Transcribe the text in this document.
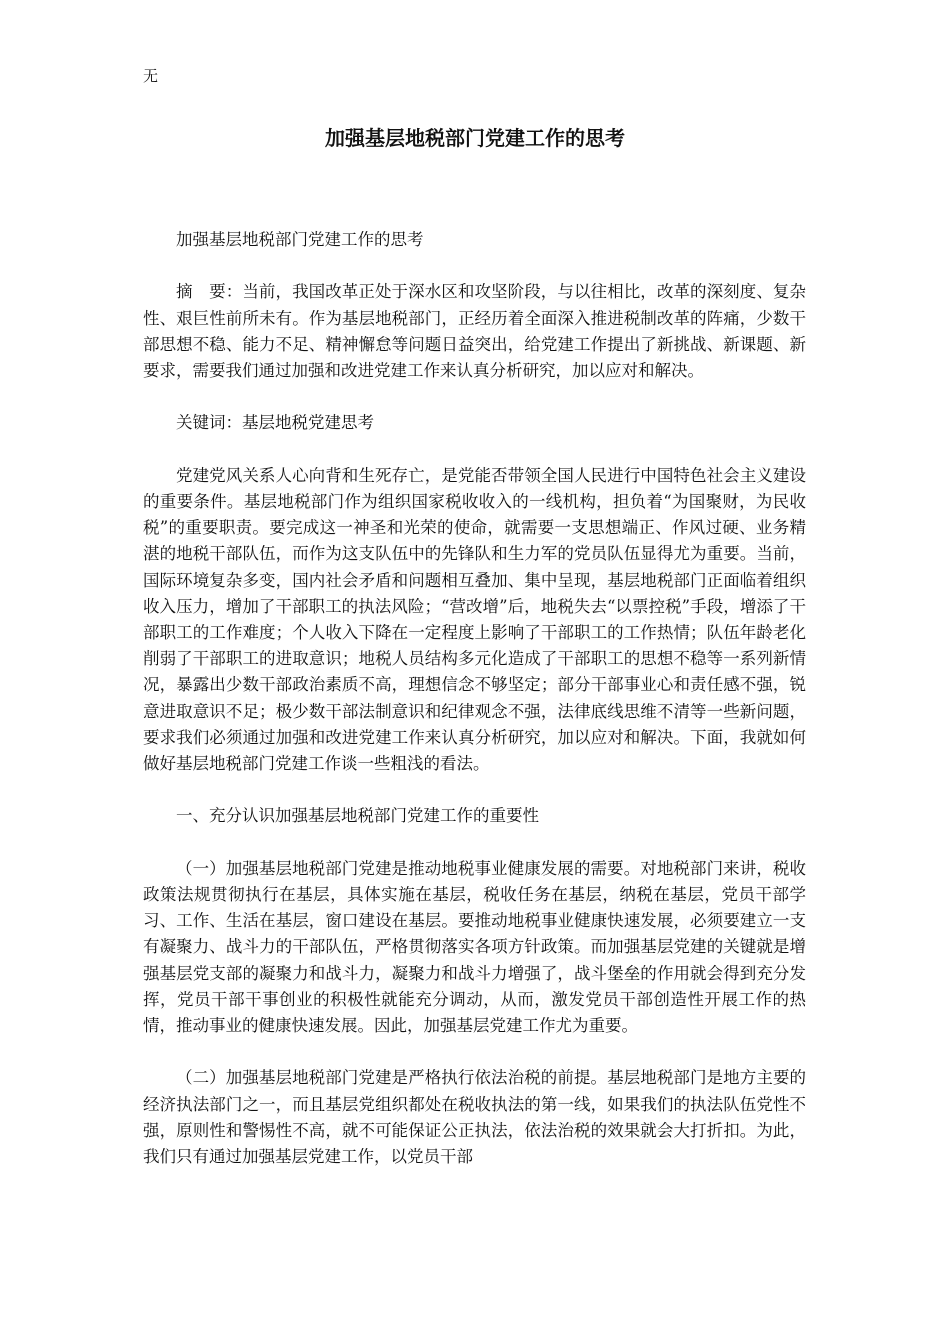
无
加强基层地税部门党建工作的思考

加强基层地税部门党建工作的思考

摘　要：当前，我国改革正处于深水区和攻坚阶段，与以往相比，改革的深刻度、复杂性、艰巨性前所未有。作为基层地税部门，正经历着全面深入推进税制改革的阵痛，少数干部思想不稳、能力不足、精神懈怠等问题日益突出，给党建工作提出了新挑战、新课题、新要求，需要我们通过加强和改进党建工作来认真分析研究，加以应对和解决。

关键词：基层地税党建思考

党建党风关系人心向背和生死存亡，是党能否带领全国人民进行中国特色社会主义建设的重要条件。基层地税部门作为组织国家税收收入的一线机构，担负着“为国聚财，为民收税”的重要职责。要完成这一神圣和光荣的使命，就需要一支思想端正、作风过硬、业务精湛的地税干部队伍，而作为这支队伍中的先锋队和生力军的党员队伍显得尤为重要。当前，国际环境复杂多变，国内社会矛盾和问题相互叠加、集中呈现，基层地税部门正面临着组织收入压力，增加了干部职工的执法风险；“营改增”后，地税失去“以票控税”手段，增添了干部职工的工作难度；个人收入下降在一定程度上影响了干部职工的工作热情；队伍年龄老化削弱了干部职工的进取意识；地税人员结构多元化造成了干部职工的思想不稳等一系列新情况，暴露出少数干部政治素质不高，理想信念不够坚定；部分干部事业心和责任感不强，锐意进取意识不足；极少数干部法制意识和纪律观念不强，法律底线思维不清等一些新问题，要求我们必须通过加强和改进党建工作来认真分析研究，加以应对和解决。下面，我就如何做好基层地税部门党建工作谈一些粗浅的看法。

一、充分认识加强基层地税部门党建工作的重要性

（一）加强基层地税部门党建是推动地税事业健康发展的需要。对地税部门来讲，税收政策法规贯彻执行在基层，具体实施在基层，税收任务在基层，纳税在基层，党员干部学习、工作、生活在基层，窗口建设在基层。要推动地税事业健康快速发展，必须要建立一支有凝聚力、战斗力的干部队伍，严格贯彻落实各项方针政策。而加强基层党建的关键就是增强基层党支部的凝聚力和战斗力，凝聚力和战斗力增强了，战斗堡垒的作用就会得到充分发挥，党员干部干事创业的积极性就能充分调动，从而，激发党员干部创造性开展工作的热情，推动事业的健康快速发展。因此，加强基层党建工作尤为重要。

（二）加强基层地税部门党建是严格执行依法治税的前提。基层地税部门是地方主要的经济执法部门之一，而且基层党组织都处在税收执法的第一线，如果我们的执法队伍党性不强，原则性和警惕性不高，就不可能保证公正执法，依法治税的效果就会大打折扣。为此，我们只有通过加强基层党建工作，以党员干部
